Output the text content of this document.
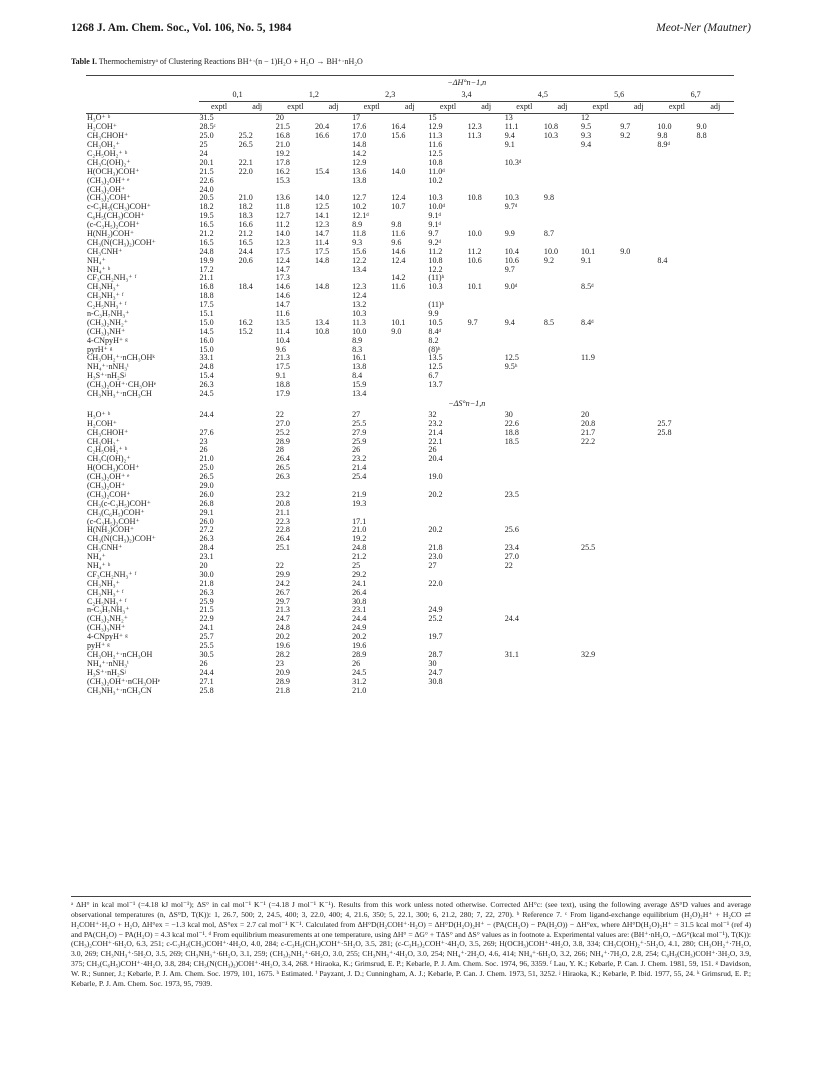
1268 J. Am. Chem. Soc., Vol. 106, No. 5, 1984	Meot-Ner (Mautner)
Table I. Thermochemistryᵃ of Clustering Reactions BH⁺·(n − 1)H₂O + H₂O → BH⁺·nH₂O
	−ΔH°n−1,n													
	0,1		1,2		2,3		3,4		4,5		5,6		6,7	
	exptl	adj	exptl	adj	exptl	adj	exptl	adj	exptl	adj	exptl	adj	exptl	adj
H₃O⁺ ᵇ	31.5		20		17		15		13		12			
H₂COH⁺	28.5ᶜ		21.5	20.4	17.6	16.4	12.9	12.3	11.1	10.8	9.5	9.7	10.0	9.0
CH₃CHOH⁺	25.0	25.2	16.8	16.6	17.0	15.6	11.3	11.3	9.4	10.3	9.3	9.2	9.8	8.8
CH₃OH₂⁺	25	26.5	21.0		14.8		11.6		9.1		9.4		8.9ᵈ	
C₂H₅OH₂⁺ ᵇ	24		19.2		14.2		12.5							
CH₃C(OH)₂⁺	20.1	22.1	17.8		12.9		10.8		10.3ᵈ					
H(OCH₃)COH⁺	21.5	22.0	16.2	15.4	13.6	14.0	11.0ᵈ							
(CH₃)₂OH⁺ ᵉ	22.6		15.3		13.8		10.2							
(CH₃)₂OH⁺	24.0													
(CH₃)₂COH⁺	20.5	21.0	13.6	14.0	12.7	12.4	10.3	10.8	10.3	9.8				
c-C₃H₅(CH₃)COH⁺	18.2	18.2	11.8	12.5	10.2	10.7	10.0ᵈ		9.7ᵈ					
C₆H₅(CH₃)COH⁺	19.5	18.3	12.7	14.1	12.1ᵈ		9.1ᵈ							
(c-C₃H₅)₂COH⁺	16.5	16.6	11.2	12.3	8.9	9.8	9.1ᵈ							
H(NH₂)COH⁺	21.2	21.2	14.0	14.7	11.8	11.6	9.7	10.0	9.9	8.7				
CH₃(N(CH₃)₂)COH⁺	16.5	16.5	12.3	11.4	9.3	9.6	9.2ᵈ							
CH₃CNH⁺	24.8	24.4	17.5	17.5	15.6	14.6	11.2	11.2	10.4	10.0	10.1	9.0		
NH₄⁺	19.9	20.6	12.4	14.8	12.2	12.4	10.8	10.6	10.6	9.2	9.1		8.4	
NH₄⁺ ᵇ	17.2		14.7		13.4		12.2		9.7					
CF₃CH₂NH₃⁺ ᶠ	21.1		17.3			14.2	(11)ʰ							
CH₃NH₃⁺	16.8	18.4	14.6	14.8	12.3	11.6	10.3	10.1	9.0ᵈ		8.5ᵈ			
CH₃NH₃⁺ ᶠ	18.8		14.6		12.4									
C₂H₅NH₃⁺ ᶠ	17.5		14.7		13.2		(11)ʰ							
n-C₃H₇NH₃⁺	15.1		11.6		10.3		9.9							
(CH₃)₂NH₂⁺	15.0	16.2	13.5	13.4	11.3	10.1	10.5	9.7	9.4	8.5	8.4ᵈ			
(CH₃)₃NH⁺	14.5	15.2	11.4	10.8	10.0	9.0	8.4ᵈ							
4-CNpyH⁺ ᵍ	16.0		10.4		8.9		8.2							
pyrH⁺ ᵍ	15.0		9.6		8.3		(8)ʰ							
CH₃OH₂⁺·nCH₃OHᵏ	33.1		21.3		16.1		13.5		12.5		11.9			
NH₄⁺·nNH₃ⁱ	24.8		17.5		13.8		12.5		9.5ʰ					
H₃S⁺·nH₂Sʲ	15.4		9.1		8.4		6.7							
(CH₃)₂OH⁺·CH₃OHᵉ	26.3		18.8		15.9		13.7							
CH₃NH₃⁺·nCH₃CH	24.5		17.9		13.4									
	−ΔS°n−1,n													
H₃O⁺ ᵇ	24.4		22		27		32		30		20			
H₂COH⁺			27.0		25.5		23.2		22.6		20.8		25.7	
CH₃CHOH⁺	27.6		25.2		27.9		21.4		18.8		21.7		25.8	
CH₃OH₂⁺	23		28.9		25.9		22.1		18.5		22.2			
C₂H₅OH₂⁺ ᵇ	26		28		26		26							
CH₃C(OH)₂⁺	21.0		26.4		23.2		20.4							
H(OCH₃)COH⁺	25.0		26.5		21.4									
(CH₃)₂OH⁺ ᵉ	26.5		26.3		25.4		19.0							
(CH₃)₂OH⁺	29.0													
(CH₃)₂COH⁺	26.0		23.2		21.9		20.2		23.5					
CH₃(c-C₃H₅)COH⁺	26.8		20.8		19.3									
CH₃(C₆H₅)COH⁺	29.1		21.1											
(c-C₃H₅)₂COH⁺	26.0		22.3		17.1									
H(NH₂)COH⁺	27.2		22.8		21.0		20.2		25.6					
CH₃(N(CH₃)₂)COH⁺	26.3		26.4		19.2									
CH₃CNH⁺	28.4		25.1		24.8		21.8		23.4		25.5			
NH₄⁺	23.1				21.2		23.0		27.0					
NH₄⁺ ᵇ	20		22		25		27		22					
CF₃CH₂NH₃⁺ ᶠ	30.0		29.9		29.2									
CH₃NH₃⁺	21.8		24.2		24.1		22.0							
CH₃NH₃⁺ ᶠ	26.3		26.7		26.4									
C₂H₅NH₃⁺ ᶠ	25.9		29.7		30.8									
n-C₃H₇NH₃⁺	21.5		21.3		23.1		24.9							
(CH₃)₂NH₂⁺	22.9		24.7		24.4		25.2		24.4					
(CH₃)₃NH⁺	24.1		24.8		24.9									
4-CNpyH⁺ ᵍ	25.7		20.2		20.2		19.7							
pyH⁺ ᵍ	25.5		19.6		19.6									
CH₃OH₂⁺·nCH₃OH	30.5		28.2		28.9		28.7		31.1		32.9			
NH₄⁺·nNH₃ⁱ	26		23		26		30							
H₃S⁺·nH₂Sʲ	24.4		20.9		24.5		24.7							
(CH₃)₂OH⁺·nCH₃OHᵉ	27.1		28.9		31.2		30.8							
CH₃NH₃⁺·nCH₃CN	25.8		21.8		21.0									
ᵃ ΔH° in kcal mol⁻¹ (=4.18 kJ mol⁻¹); ΔS° in cal mol⁻¹ K⁻¹ (=4.18 J mol⁻¹ K⁻¹). Results from this work unless noted otherwise. Corrected ΔH°c: (see text), using the following average ΔS°D values and average observational temperatures (n, ΔS°D, T(K)): 1, 26.7, 500; 2, 24.5, 400; 3, 22.0, 400; 4, 21.6, 350; 5, 22.1, 300; 6, 21.2, 280; 7, 22, 270). ᵇ Reference 7. ᶜ From ligand-exchange equilibrium (H₂O)₂H⁺ + H₂CO ⇄ H₂COH⁺·H₂O + H₂O, ΔH°ex = −1.3 kcal mol, ΔS°ex = 2.7 cal mol⁻¹ K⁻¹. Calculated from ΔH°D(H₂COH⁺·H₂O) = ΔH°D(H₂O)₂H⁺ − (PA(CH₂O) − PA(H₂O)) − ΔH°ex, where ΔH°D(H₂O)₂H⁺ = 31.5 kcal mol⁻¹ (ref 4) and PA(CH₂O) − PA(H₂O) = 4.3 kcal mol⁻¹. ᵈ From equilibrium measurements at one temperature, using ΔH° = ΔG° + TΔS° and ΔS° values as in footnote a. Experimental values are: (BH⁺·nH₂O, −ΔG°(kcal mol⁻¹), T(K)): (CH₃)₂COH⁺·6H₂O, 6.3, 251; c-C₃H₅(CH₃)COH⁺·4H₂O, 4.0, 284; c-C₃H₅(CH₃)COH⁺·5H₂O, 3.5, 281; (c-C₃H₅)₂COH⁺·4H₂O, 3.5, 269; H(OCH₃)COH⁺·4H₂O, 3.8, 334; CH₃C(OH)₂⁺·5H₂O, 4.1, 280; CH₃OH₂⁺·7H₂O, 3.0, 269; CH₃NH₃⁺·5H₂O, 3.5, 269; CH₃NH₃⁺·6H₂O, 3.1, 259; (CH₃)₂NH₂⁺·6H₂O, 3.0, 255; CH₃NH₃⁺·4H₂O, 3.0, 254; NH₄⁺·2H₂O, 4.6, 414; NH₄⁺·6H₂O, 3.2, 266; NH₄⁺·7H₂O, 2.8, 254; C₆H₅(CH₃)COH⁺·3H₂O, 3.9, 375; CH₃(C₆H₅)COH⁺·4H₂O, 3.8, 284; CH₃(N(CH₃)₂)COH⁺·4H₂O, 3.4, 268. ᵉ Hiraoka, K.; Grimsrud, E. P.; Kebarle, P. J. Am. Chem. Soc. 1974, 96, 3359. ᶠ Lau, Y. K.; Kebarle, P. Can. J. Chem. 1981, 59, 151. ᵍ Davidson, W. R.; Sunner, J.; Kebarle, P. J. Am. Chem. Soc. 1979, 101, 1675. ʰ Estimated. ⁱ Payzant, J. D.; Cunningham, A. J.; Kebarle, P. Can. J. Chem. 1973, 51, 3252. ʲ Hiraoka, K.; Kebarle, P. Ibid. 1977, 55, 24. ᵏ Grimsrud, E. P.; Kebarle, P. J. Am. Chem. Soc. 1973, 95, 7939.
